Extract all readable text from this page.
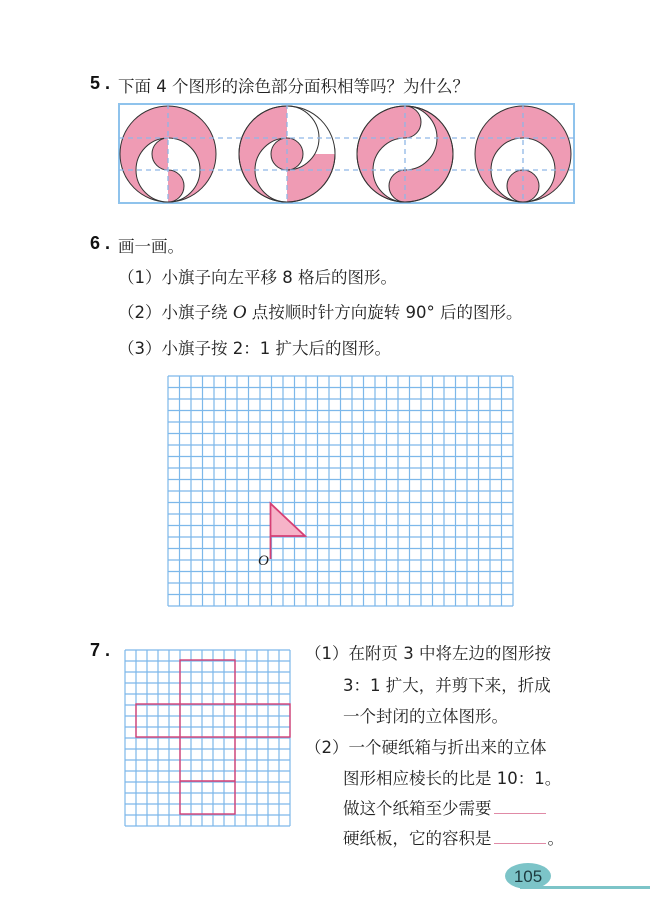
5 . 下面 4 个图形的涂色部分面积相等吗？为什么？
6 . 画一画。
（1）小旗子向左平移 8 格后的图形。
（2）小旗子绕 O 点按顺时针方向旋转 90° 后的图形。
（3）小旗子按 2：1 扩大后的图形。
O
7 .	（1）在附页 3 中将左边的图形按
3：1 扩大，并剪下来，折成
一个封闭的立体图形。
（2）一个硬纸箱与折出来的立体
图形相应棱长的比是 10：1。
做这个纸箱至少需要
硬纸板，它的容积是	。
105
